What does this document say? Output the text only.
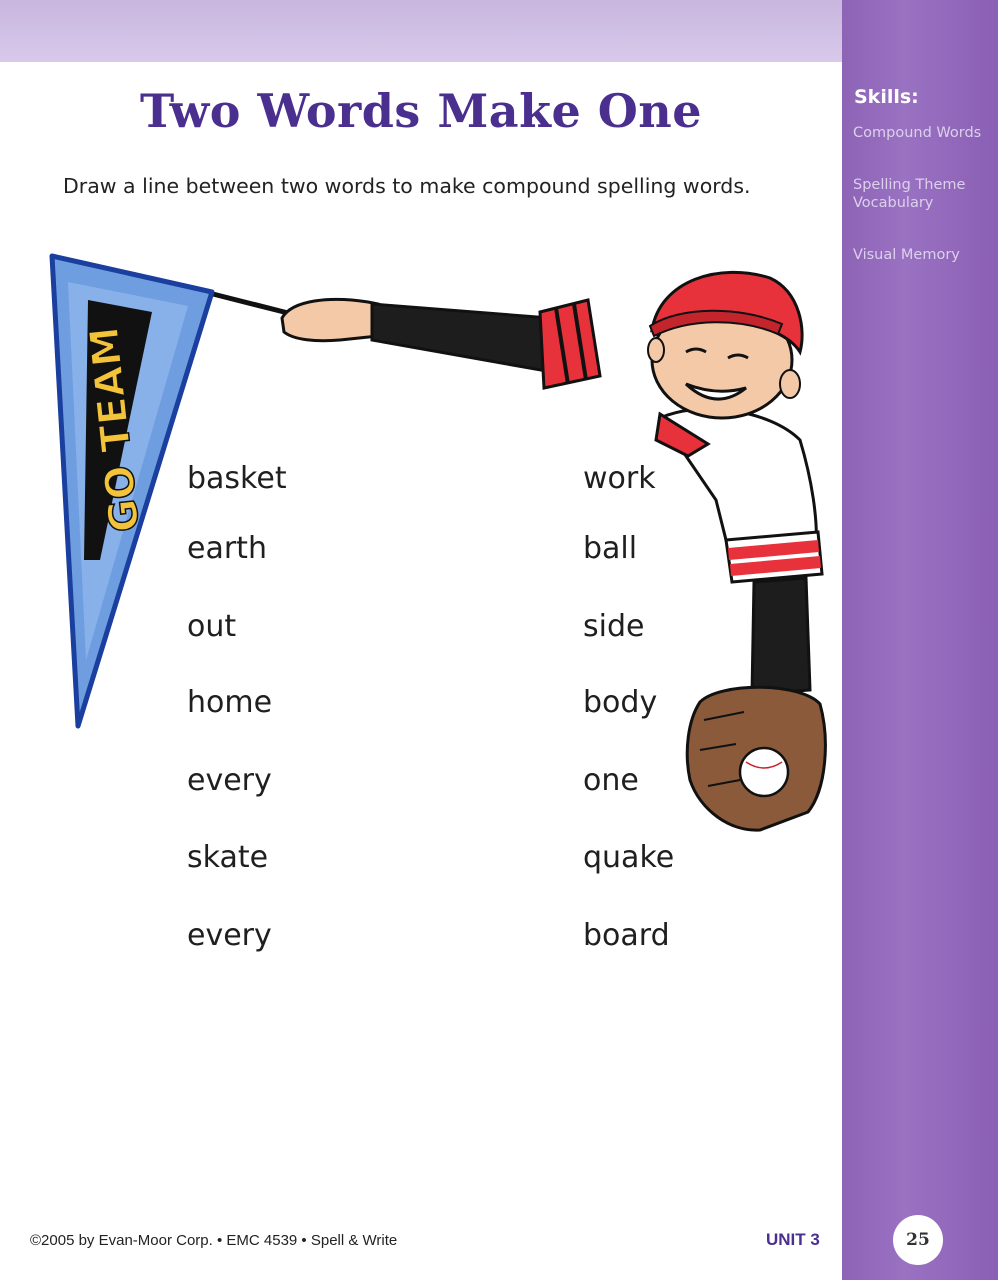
Skills:
Compound Words
Spelling Theme Vocabulary
Visual Memory
Two Words Make One
Draw a line between two words to make compound spelling words.
GO TEAM basket
earth
out
home
every
skate
every
work
ball
side
body
one
quake
board
©2005 by Evan-Moor Corp. • EMC 4539 • Spell & Write	UNIT 3	25
